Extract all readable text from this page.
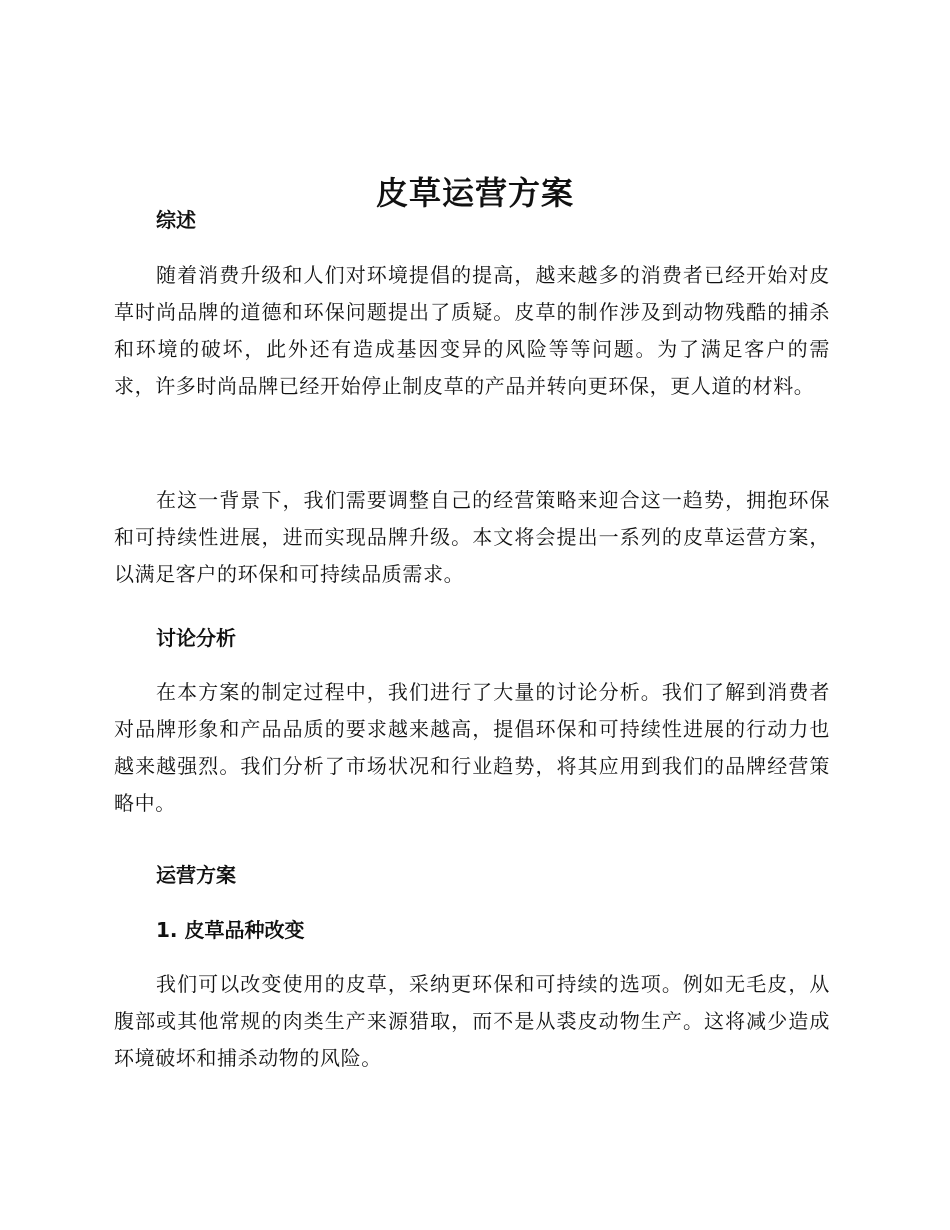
皮草运营方案
综述

随着消费升级和人们对环境提倡的提高，越来越多的消费者已经开始对皮草时尚品牌的道德和环保问题提出了质疑。皮草的制作涉及到动物残酷的捕杀和环境的破坏，此外还有造成基因变异的风险等等问题。为了满足客户的需求，许多时尚品牌已经开始停止制皮草的产品并转向更环保，更人道的材料。

在这一背景下，我们需要调整自己的经营策略来迎合这一趋势，拥抱环保和可持续性进展，进而实现品牌升级。本文将会提出一系列的皮草运营方案，以满足客户的环保和可持续品质需求。

讨论分析

在本方案的制定过程中，我们进行了大量的讨论分析。我们了解到消费者对品牌形象和产品品质的要求越来越高，提倡环保和可持续性进展的行动力也越来越强烈。我们分析了市场状况和行业趋势，将其应用到我们的品牌经营策略中。

运营方案
1. 皮草品种改变

我们可以改变使用的皮草，采纳更环保和可持续的选项。例如无毛皮，从腹部或其他常规的肉类生产来源猎取，而不是从裘皮动物生产。这将减少造成环境破坏和捕杀动物的风险。
